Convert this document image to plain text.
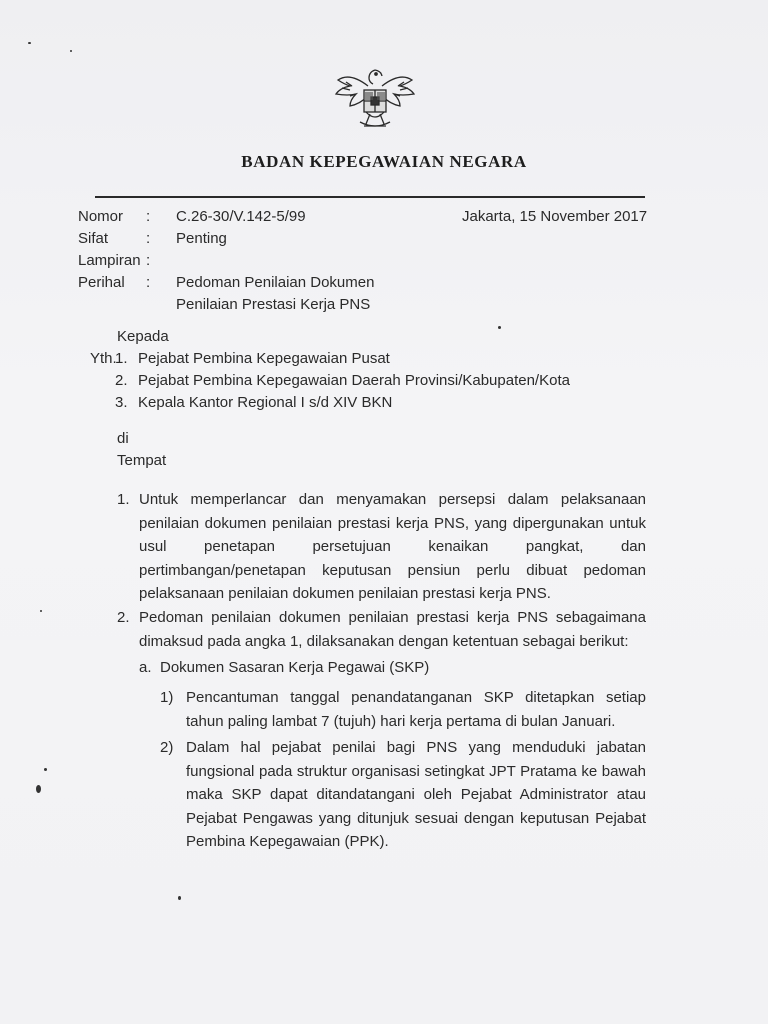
BADAN KEPEGAWAIAN NEGARA
Nomor	:	C.26-30/V.142-5/99
Sifat	:	Penting
Lampiran :
Perihal	:	Pedoman Penilaian Dokumen
Penilaian Prestasi Kerja PNS
Jakarta, 15 November 2017
Kepada
Yth.
1. Pejabat Pembina Kepegawaian Pusat
2. Pejabat Pembina Kepegawaian Daerah Provinsi/Kabupaten/Kota
3. Kepala Kantor Regional I s/d XIV BKN
di
Tempat
1. Untuk memperlancar dan menyamakan persepsi dalam pelaksanaan penilaian dokumen penilaian prestasi kerja PNS, yang dipergunakan untuk usul penetapan persetujuan kenaikan pangkat, dan pertimbangan/penetapan keputusan pensiun perlu dibuat pedoman pelaksanaan penilaian dokumen penilaian prestasi kerja PNS.
2. Pedoman penilaian dokumen penilaian prestasi kerja PNS sebagaimana dimaksud pada angka 1, dilaksanakan dengan ketentuan sebagai berikut:
a. Dokumen Sasaran Kerja Pegawai (SKP)
1) Pencantuman tanggal penandatanganan SKP ditetapkan setiap tahun paling lambat 7 (tujuh) hari kerja pertama di bulan Januari.
2) Dalam hal pejabat penilai bagi PNS yang menduduki jabatan fungsional pada struktur organisasi setingkat JPT Pratama ke bawah maka SKP dapat ditandatangani oleh Pejabat Administrator atau Pejabat Pengawas yang ditunjuk sesuai dengan keputusan Pejabat Pembina Kepegawaian (PPK).
